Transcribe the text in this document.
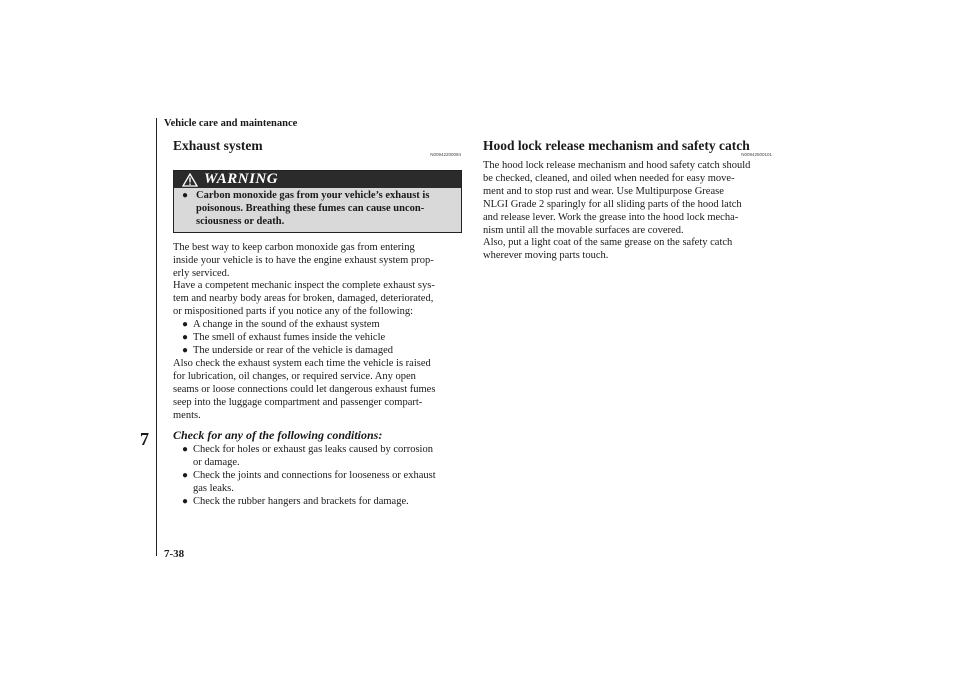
Vehicle care and maintenance
7
7-38
Exhaust system
N00942200094
WARNING
● Carbon monoxide gas from your vehicle’s exhaust is
poisonous. Breathing these fumes can cause uncon-
sciousness or death.

The best way to keep carbon monoxide gas from entering
inside your vehicle is to have the engine exhaust system prop-
erly serviced.
Have a competent mechanic inspect the complete exhaust sys-
tem and nearby body areas for broken, damaged, deteriorated,
or mispositioned parts if you notice any of the following:

● A change in the sound of the exhaust system
● The smell of exhaust fumes inside the vehicle
● The underside or rear of the vehicle is damaged

Also check the exhaust system each time the vehicle is raised
for lubrication, oil changes, or required service. Any open
seams or loose connections could let dangerous exhaust fumes
seep into the luggage compartment and passenger compart-
ments.

Check for any of the following conditions:
● Check for holes or exhaust gas leaks caused by corrosion
or damage.
● Check the joints and connections for looseness or exhaust
gas leaks.
● Check the rubber hangers and brackets for damage.
Hood lock release mechanism and safety catch
N00942500101

The hood lock release mechanism and hood safety catch should
be checked, cleaned, and oiled when needed for easy move-
ment and to stop rust and wear. Use Multipurpose Grease
NLGI Grade 2 sparingly for all sliding parts of the hood latch
and release lever. Work the grease into the hood lock mecha-
nism until all the movable surfaces are covered.
Also, put a light coat of the same grease on the safety catch
wherever moving parts touch.
